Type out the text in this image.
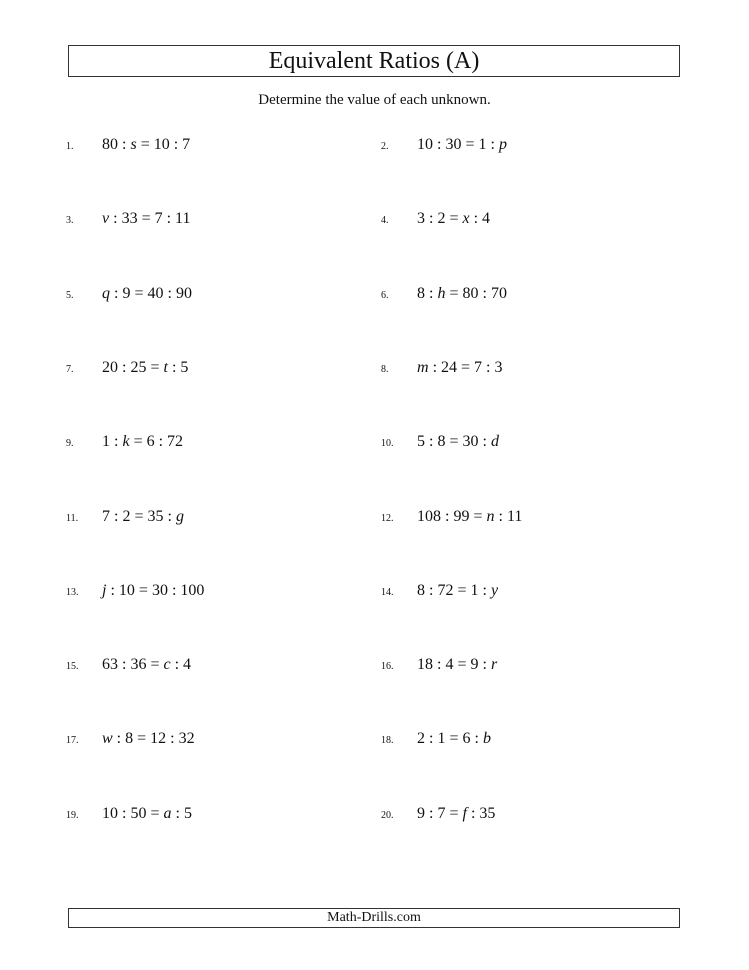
Equivalent Ratios (A)
Determine the value of each unknown.
1.	80 : s = 10 : 7	2.	10 : 30 = 1 : p
3.	v : 33 = 7 : 11	4.	3 : 2 = x : 4
5.	q : 9 = 40 : 90	6.	8 : h = 80 : 70
7.	20 : 25 = t : 5	8.	m : 24 = 7 : 3
9.	1 : k = 6 : 72	10.	5 : 8 = 30 : d
11.	7 : 2 = 35 : g	12.	108 : 99 = n : 11
13.	j : 10 = 30 : 100	14.	8 : 72 = 1 : y
15.	63 : 36 = c : 4	16.	18 : 4 = 9 : r
17.	w : 8 = 12 : 32	18.	2 : 1 = 6 : b
19.	10 : 50 = a : 5	20.	9 : 7 = f : 35
Math-Drills.com
